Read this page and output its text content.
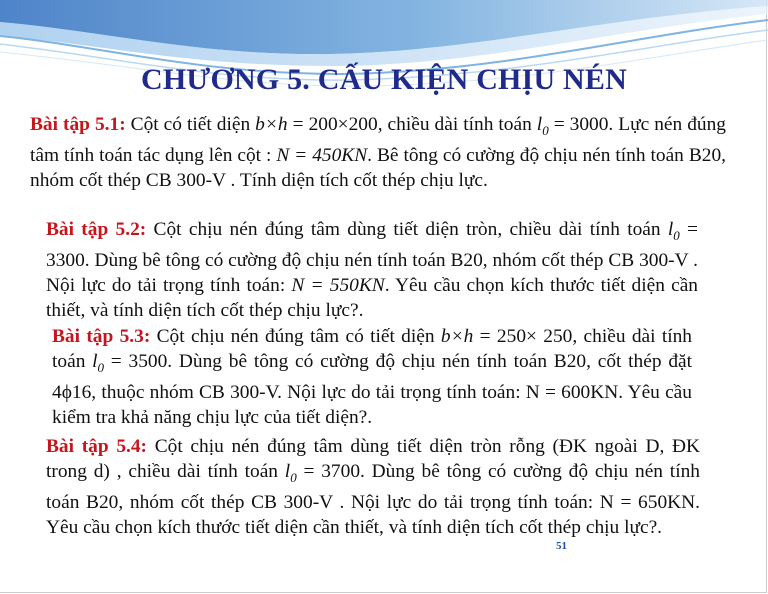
CHƯƠNG 5. CẤU KIỆN CHỊU NÉN
Bài tập 5.1: Cột có tiết diện b×h = 200×200, chiều dài tính toán $l_0 = 3000$. Lực nén đúng tâm tính toán tác dụng lên cột : N = 450KN. Bê tông có cường độ chịu nén tính toán B20, nhóm cốt thép CB 300-V . Tính diện tích cốt thép chịu lực.
Bài tập 5.2: Cột chịu nén đúng tâm dùng tiết diện tròn, chiều dài tính toán $l_0 = 3300$. Dùng bê tông có cường độ chịu nén tính toán B20, nhóm cốt thép CB 300-V . Nội lực do tải trọng tính toán: N = 550KN. Yêu cầu chọn kích thước tiết diện cần thiết, và tính diện tích cốt thép chịu lực?.
Bài tập 5.3: Cột chịu nén đúng tâm có tiết diện b×h = 250× 250, chiều dài tính toán $l_0 = 3500$. Dùng bê tông có cường độ chịu nén tính toán B20, cốt thép đặt 4ϕ16, thuộc nhóm CB 300-V. Nội lực do tải trọng tính toán: N = 600KN. Yêu cầu kiểm tra khả năng chịu lực của tiết diện?.
Bài tập 5.4: Cột chịu nén đúng tâm dùng tiết diện tròn rỗng (ĐK ngoài D, ĐK trong d) , chiều dài tính toán $l_0 = 3700$. Dùng bê tông có cường độ chịu nén tính toán B20, nhóm cốt thép CB 300-V . Nội lực do tải trọng tính toán: N = 650KN. Yêu cầu chọn kích thước tiết diện cần thiết, và tính diện tích cốt thép chịu lực?.
51
